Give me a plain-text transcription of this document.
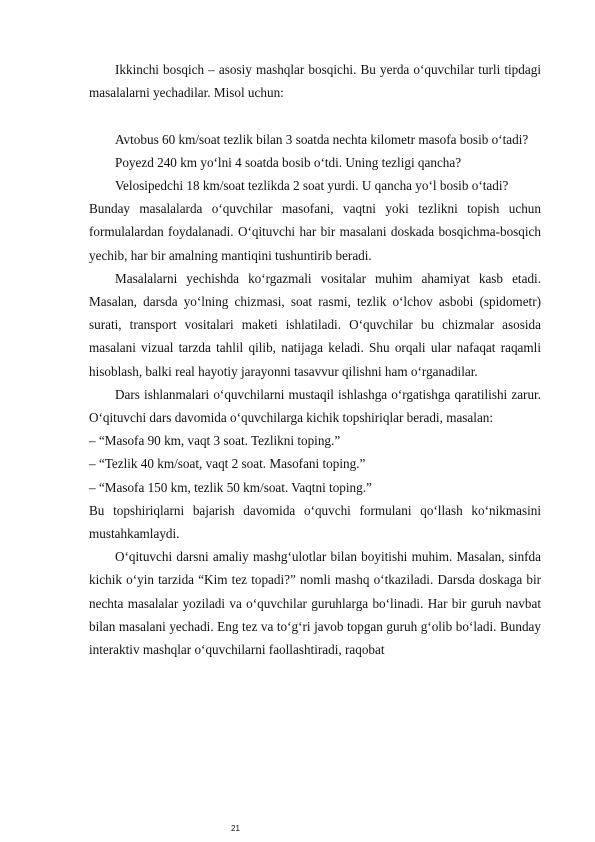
Ikkinchi bosqich – asosiy mashqlar bosqichi. Bu yerda o‘quvchilar turli tipdagi masalalarni yechadilar. Misol uchun:

Avtobus 60 km/soat tezlik bilan 3 soatda nechta kilometr masofa bosib o‘tadi?

Poyezd 240 km yo‘lni 4 soatda bosib o‘tdi. Uning tezligi qancha?

Velosipedchi 18 km/soat tezlikda 2 soat yurdi. U qancha yo‘l bosib o‘tadi?

Bunday masalalarda o‘quvchilar masofani, vaqtni yoki tezlikni topish uchun formulalardan foydalanadi. O‘qituvchi har bir masalani doskada bosqichma-bosqich yechib, har bir amalning mantiqini tushuntirib beradi.

Masalalarni yechishda ko‘rgazmali vositalar muhim ahamiyat kasb etadi. Masalan, darsda yo‘lning chizmasi, soat rasmi, tezlik o‘lchov asbobi (spidometr) surati, transport vositalari maketi ishlatiladi. O‘quvchilar bu chizmalar asosida masalani vizual tarzda tahlil qilib, natijaga keladi. Shu orqali ular nafaqat raqamli hisoblash, balki real hayotiy jarayonni tasavvur qilishni ham o‘rganadilar.

Dars ishlanmalari o‘quvchilarni mustaqil ishlashga o‘rgatishga qaratilishi zarur. O‘qituvchi dars davomida o‘quvchilarga kichik topshiriqlar beradi, masalan:

– “Masofa 90 km, vaqt 3 soat. Tezlikni toping.”

– “Tezlik 40 km/soat, vaqt 2 soat. Masofani toping.”

– “Masofa 150 km, tezlik 50 km/soat. Vaqtni toping.”

Bu topshiriqlarni bajarish davomida o‘quvchi formulani qo‘llash ko‘nikmasini mustahkamlaydi.

O‘qituvchi darsni amaliy mashg‘ulotlar bilan boyitishi muhim. Masalan, sinfda kichik o‘yin tarzida “Kim tez topadi?” nomli mashq o‘tkaziladi. Darsda doskaga bir nechta masalalar yoziladi va o‘quvchilar guruhlarga bo‘linadi. Har bir guruh navbat bilan masalani yechadi. Eng tez va to‘g‘ri javob topgan guruh g‘olib bo‘ladi. Bunday interaktiv mashqlar o‘quvchilarni faollashtiradi, raqobat

21
